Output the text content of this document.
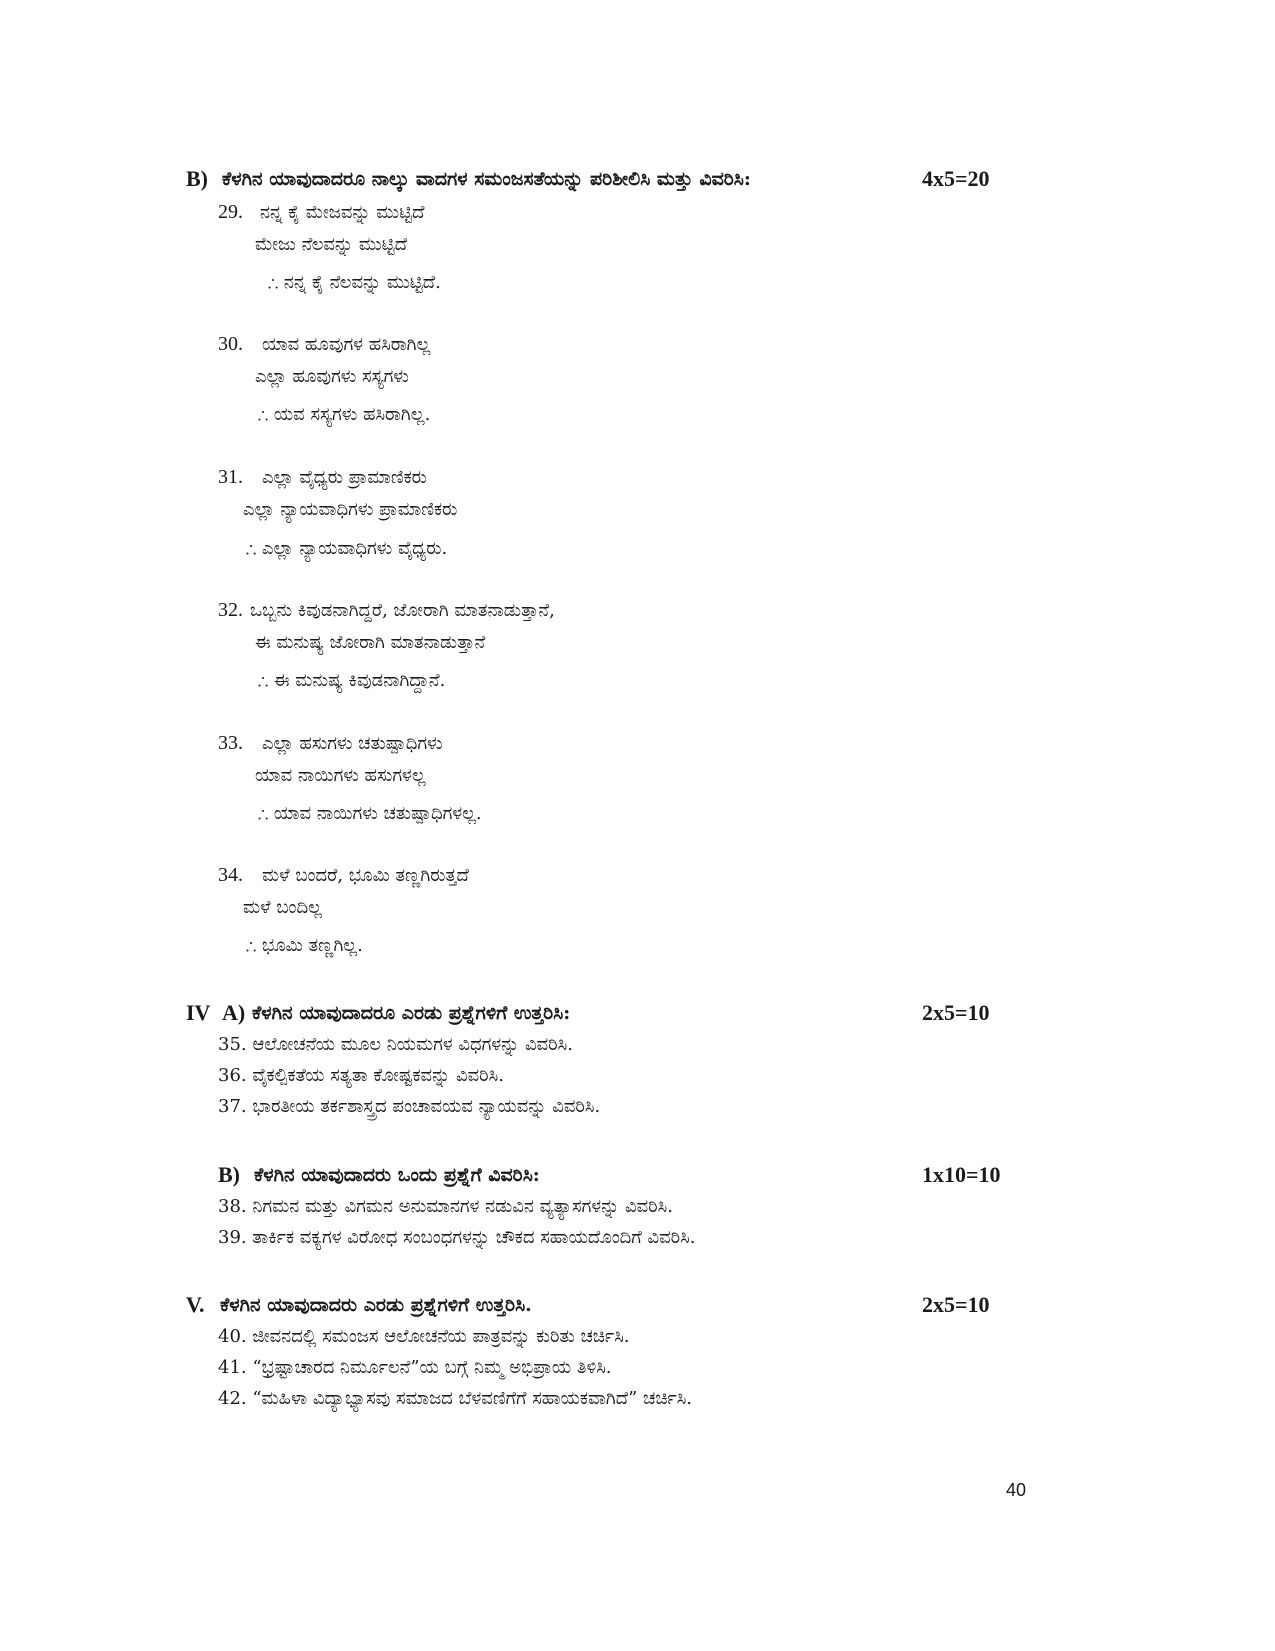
B) ಕೆಳಗಿನ ಯಾವುದಾದರೂ ನಾಲ್ಕು ವಾದಗಳ ಸಮಂಜಸತೆಯನ್ನು ಪರಿಶೀಲಿಸಿ ಮತ್ತು ವಿವರಿಸಿ:	4x5=20
29. ನನ್ನ ಕೈ ಮೇಜವನ್ನು ಮುಟ್ಟಿದೆ
ಮೇಜು ನೆಲವನ್ನು ಮುಟ್ಟಿದೆ
∴ ನನ್ನ ಕೈ ನೆಲವನ್ನು ಮುಟ್ಟಿದೆ.
30. ಯಾವ ಹೂವುಗಳ ಹಸಿರಾಗಿಲ್ಲ
ಎಲ್ಲಾ ಹೂವುಗಳು ಸಸ್ಯಗಳು
∴ ಯವ ಸಸ್ಯಗಳು ಹಸಿರಾಗಿಲ್ಲ.
31. ಎಲ್ಲಾ ವೈಧ್ಯರು ಪ್ರಾಮಾಣಿಕರು
ಎಲ್ಲಾ ನ್ಯಾಯವಾಧಿಗಳು ಪ್ರಾಮಾಣಿಕರು
∴ ಎಲ್ಲಾ ನ್ಯಾಯವಾಧಿಗಳು ವೈಧ್ಯರು.
32. ಒಬ್ಬನು ಕಿವುಡನಾಗಿದ್ದರೆ, ಜೋರಾಗಿ ಮಾತನಾಡುತ್ತಾನೆ,
ಈ ಮನುಷ್ಯ ಜೋರಾಗಿ ಮಾತನಾಡುತ್ತಾನೆ
∴ ಈ ಮನುಷ್ಯ ಕಿವುಡನಾಗಿದ್ದಾನೆ.
33. ಎಲ್ಲಾ ಹಸುಗಳು ಚತುಷ್ಪಾಧಿಗಳು
ಯಾವ ನಾಯಿಗಳು ಹಸುಗಳಲ್ಲ
∴ ಯಾವ ನಾಯಿಗಳು ಚತುಷ್ಪಾಧಿಗಳಲ್ಲ.
34. ಮಳೆ ಬಂದರೆ, ಭೂಮಿ ತಣ್ಣಗಿರುತ್ತದೆ
ಮಳೆ ಬಂದಿಲ್ಲ
∴ ಭೂಮಿ ತಣ್ಣಗಿಲ್ಲ.
IV A) ಕೆಳಗಿನ ಯಾವುದಾದರೂ ಎರಡು ಪ್ರಶ್ನೆಗಳಿಗೆ ಉತ್ತರಿಸಿ:	2x5=10
35. ಆಲೋಚನೆಯ ಮೂಲ ನಿಯಮಗಳ ವಿಧಗಳನ್ನು ವಿವರಿಸಿ.
36. ವೈಕಲ್ಪಿಕತೆಯ ಸತ್ಯತಾ ಕೋಷ್ಟಕವನ್ನು ವಿವರಿಸಿ.
37. ಭಾರತೀಯ ತರ್ಕಶಾಸ್ತ್ರದ ಪಂಚಾವಯವ ನ್ಯಾಯವನ್ನು ವಿವರಿಸಿ.
B) ಕೆಳಗಿನ ಯಾವುದಾದರು ಒಂದು ಪ್ರಶ್ನೆಗೆ ವಿವರಿಸಿ:	1x10=10
38. ನಿಗಮನ ಮತ್ತು ವಿಗಮನ ಅನುಮಾನಗಳ ನಡುವಿನ ವ್ಯತ್ಯಾಸಗಳನ್ನು ವಿವರಿಸಿ.
39. ತಾರ್ಕಿಕ ವಕ್ಯಗಳ ವಿರೋಧ ಸಂಬಂಧಗಳನ್ನು ಚೌಕದ ಸಹಾಯದೊಂದಿಗೆ ವಿವರಿಸಿ.
V. ಕೆಳಗಿನ ಯಾವುದಾದರು ಎರಡು ಪ್ರಶ್ನೆಗಳಿಗೆ ಉತ್ತರಿಸಿ.	2x5=10
40. ಜೀವನದಲ್ಲಿ ಸಮಂಜಸ ಆಲೋಚನೆಯ ಪಾತ್ರವನ್ನು ಕುರಿತು ಚರ್ಚಿಸಿ.
41. “ಭ್ರಷ್ಟಾಚಾರದ ನಿರ್ಮೂಲನೆ”ಯ ಬಗ್ಗೆ ನಿಮ್ಮ ಅಭಿಪ್ರಾಯ ತಿಳಿಸಿ.
42. “ಮಹಿಳಾ ವಿದ್ಯಾಭ್ಯಾಸವು ಸಮಾಜದ ಬೆಳವಣಿಗೆಗೆ ಸಹಾಯಕವಾಗಿದೆ” ಚರ್ಚಿಸಿ.
40
